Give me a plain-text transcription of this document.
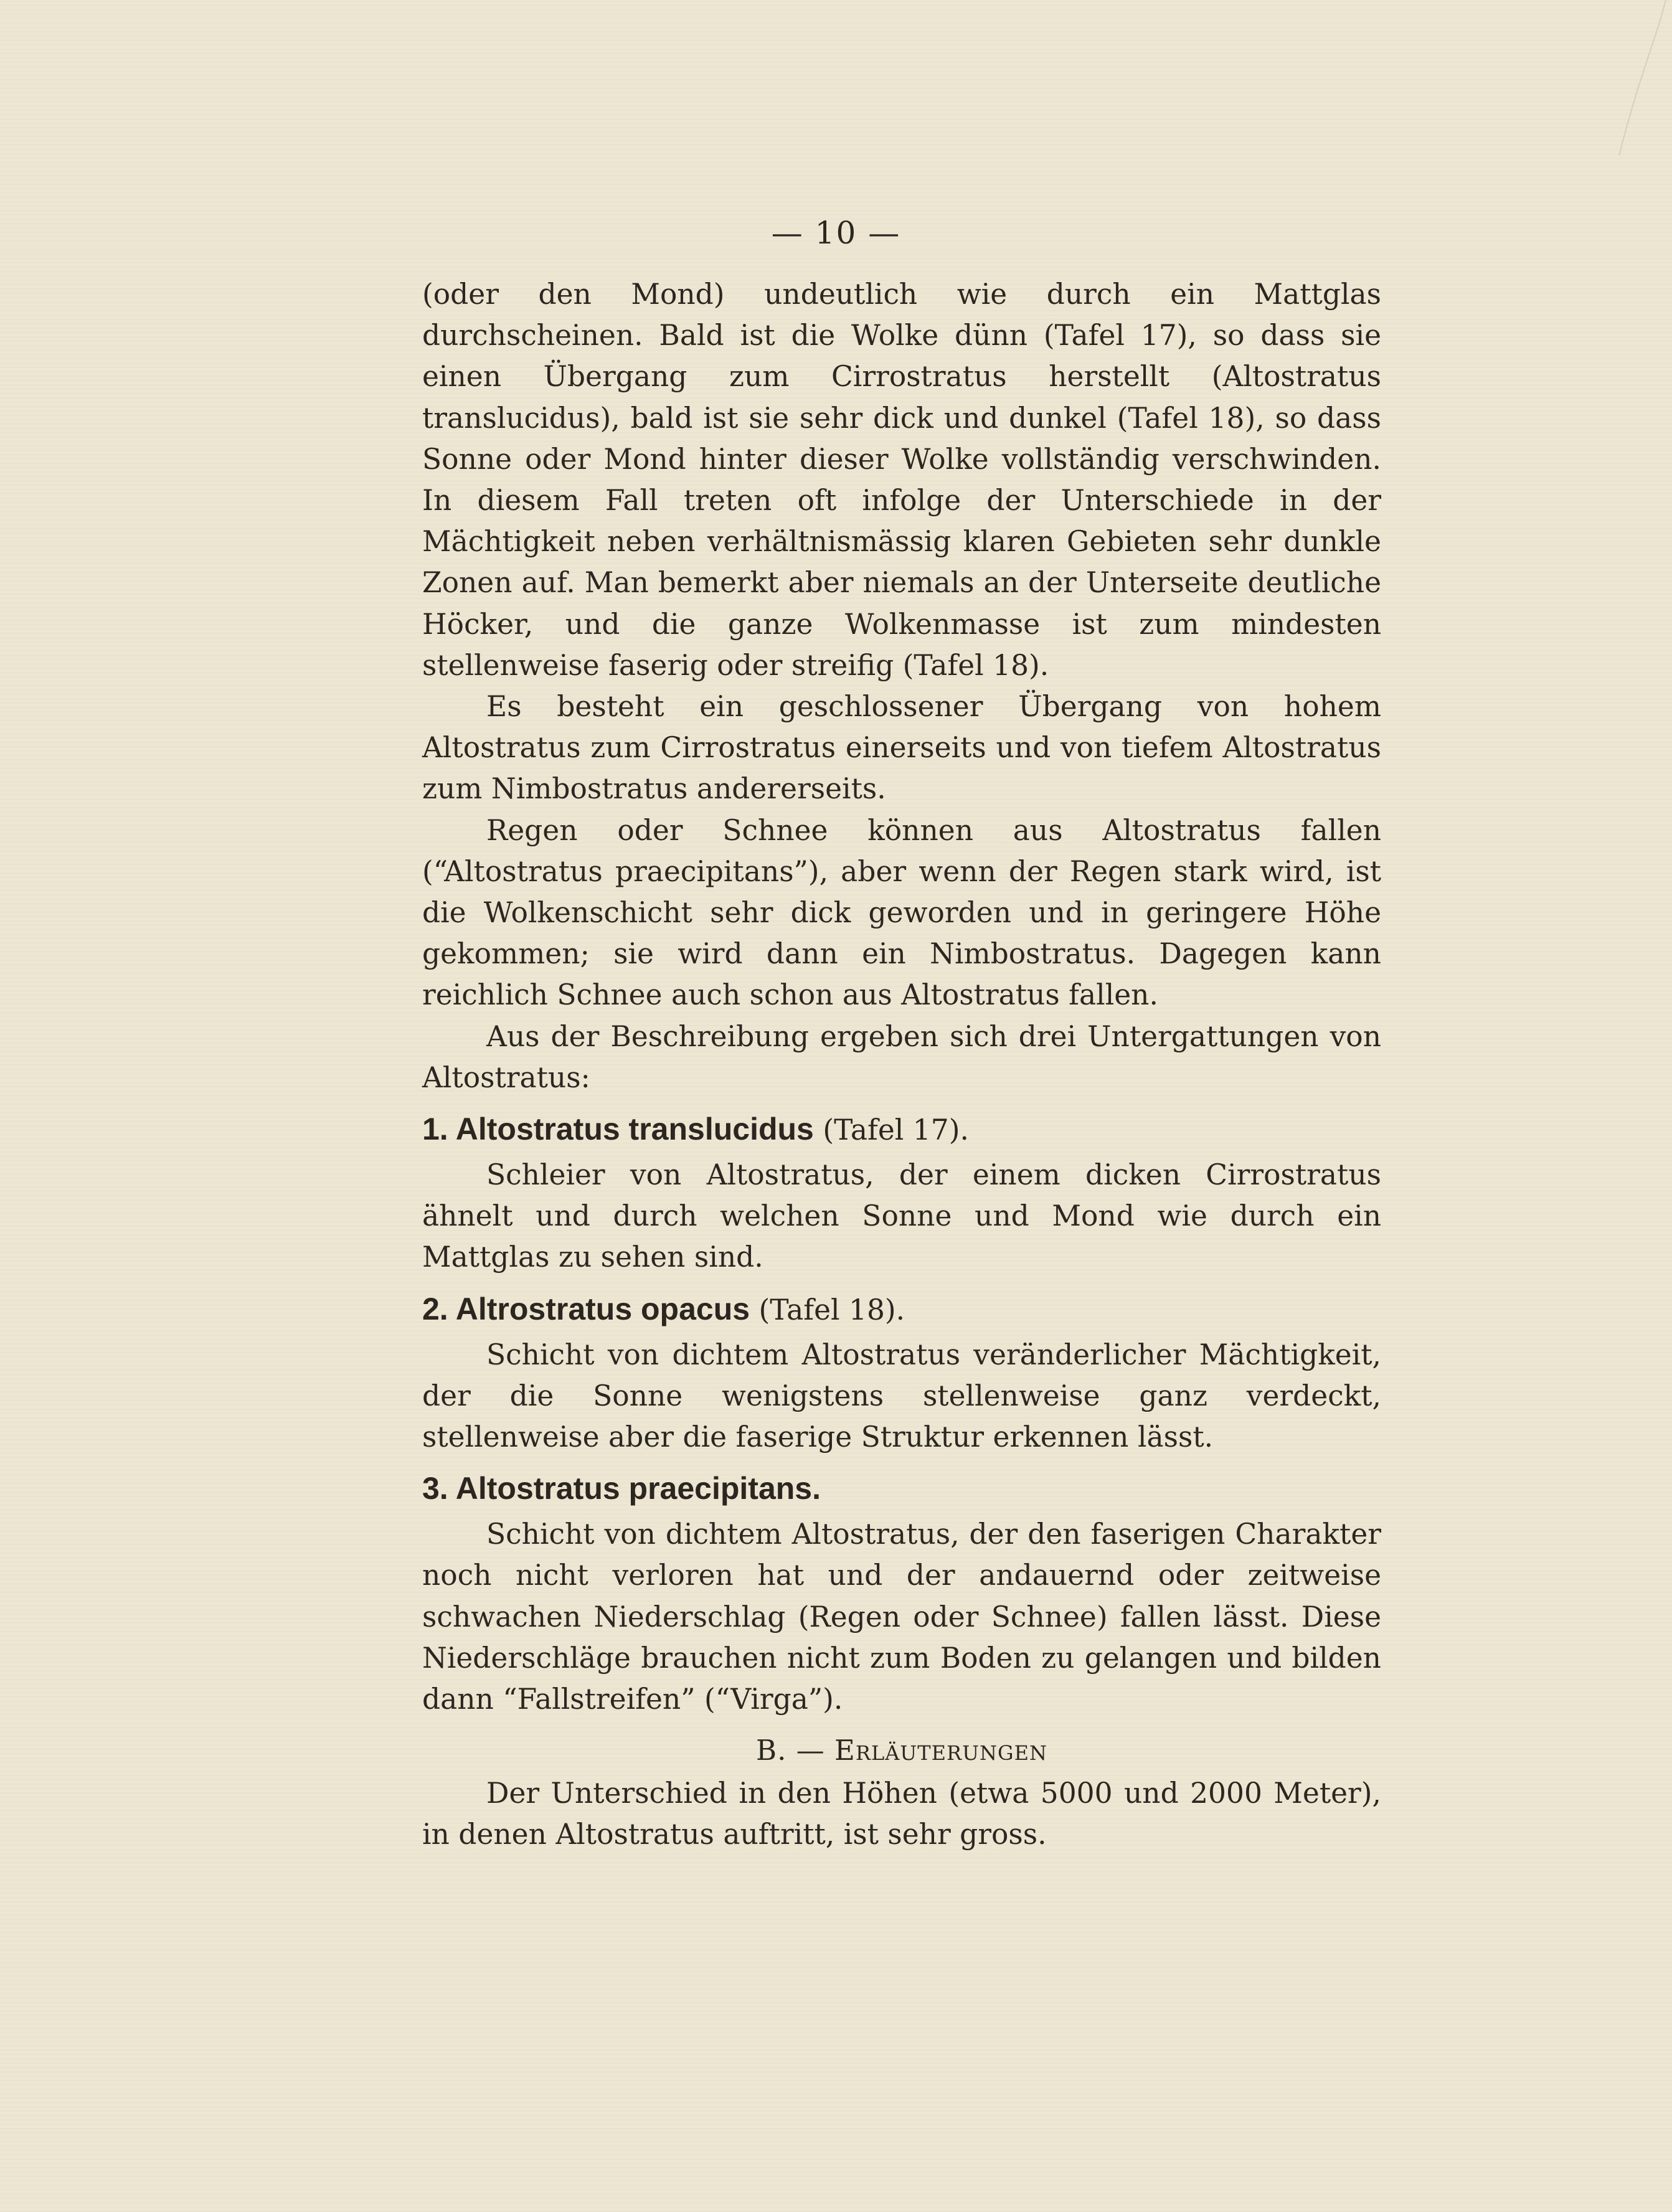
— 10 —

(oder den Mond) undeutlich wie durch ein Mattglas durchscheinen. Bald ist die Wolke dünn (Tafel 17), so dass sie einen Übergang zum Cirrostratus herstellt (Altostratus translucidus), bald ist sie sehr dick und dunkel (Tafel 18), so dass Sonne oder Mond hinter dieser Wolke vollständig verschwinden. In diesem Fall treten oft infolge der Unterschiede in der Mächtigkeit neben verhältnismässig klaren Gebieten sehr dunkle Zonen auf. Man bemerkt aber niemals an der Unterseite deutliche Höcker, und die ganze Wolkenmasse ist zum mindesten stellenweise faserig oder streifig (Tafel 18).

Es besteht ein geschlossener Übergang von hohem Altostratus zum Cirrostratus einerseits und von tiefem Altostratus zum Nimbostratus andererseits.

Regen oder Schnee können aus Altostratus fallen (“Altostratus praecipitans”), aber wenn der Regen stark wird, ist die Wolkenschicht sehr dick geworden und in geringere Höhe gekommen; sie wird dann ein Nimbostratus. Dagegen kann reichlich Schnee auch schon aus Altostratus fallen.

Aus der Beschreibung ergeben sich drei Untergattungen von Altostratus:

1. Altostratus translucidus (Tafel 17).

Schleier von Altostratus, der einem dicken Cirrostratus ähnelt und durch welchen Sonne und Mond wie durch ein Mattglas zu sehen sind.

2. Altrostratus opacus (Tafel 18).

Schicht von dichtem Altostratus veränderlicher Mächtigkeit, der die Sonne wenigstens stellenweise ganz verdeckt, stellenweise aber die faserige Struktur erkennen lässt.

3. Altostratus praecipitans.

Schicht von dichtem Altostratus, der den faserigen Charakter noch nicht verloren hat und der andauernd oder zeitweise schwachen Niederschlag (Regen oder Schnee) fallen lässt. Diese Niederschläge brauchen nicht zum Boden zu gelangen und bilden dann “Fallstreifen” (“Virga”).

B. — Erläuterungen

Der Unterschied in den Höhen (etwa 5000 und 2000 Meter), in denen Altostratus auftritt, ist sehr gross.
